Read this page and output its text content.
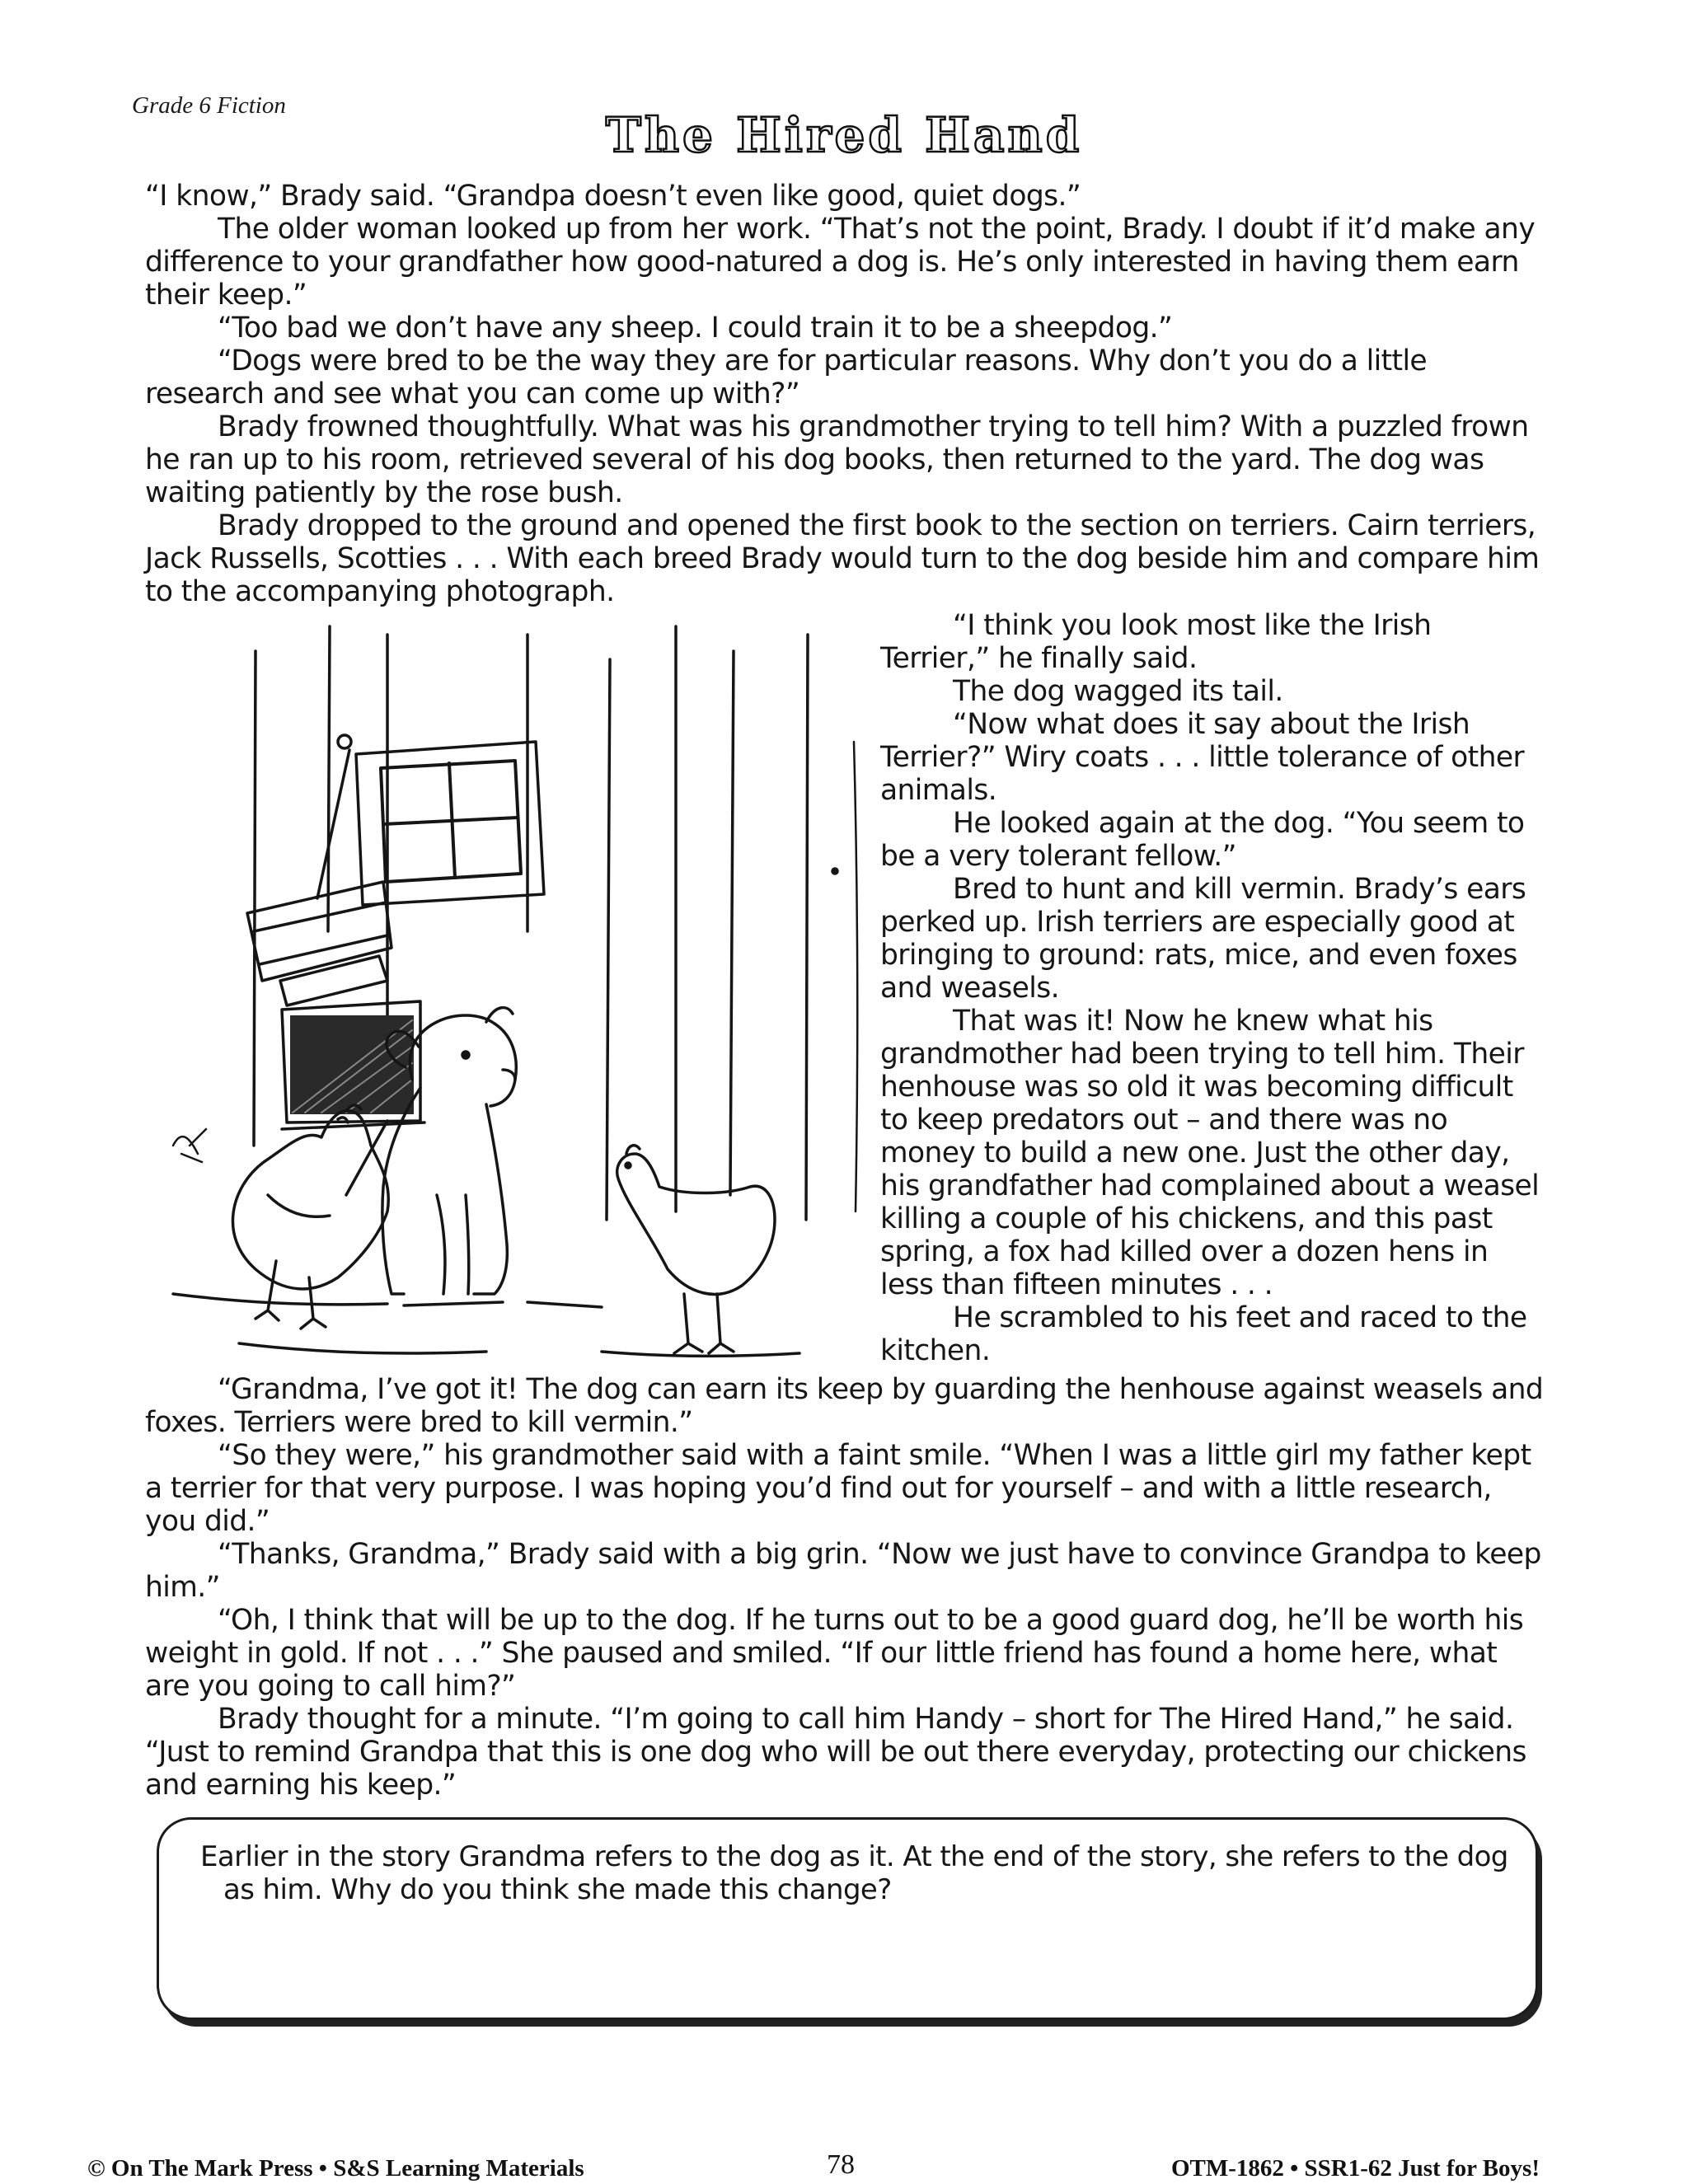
Grade 6 Fiction
The Hired Hand

“I know,” Brady said. “Grandpa doesn’t even like good, quiet dogs.”

The older woman looked up from her work. “That’s not the point, Brady. I doubt if it’d make any difference to your grandfather how good-natured a dog is. He’s only interested in having them earn their keep.”

“Too bad we don’t have any sheep. I could train it to be a sheepdog.”

“Dogs were bred to be the way they are for particular reasons. Why don’t you do a little research and see what you can come up with?”

Brady frowned thoughtfully. What was his grandmother trying to tell him? With a puzzled frown he ran up to his room, retrieved several of his dog books, then returned to the yard. The dog was waiting patiently by the rose bush.

Brady dropped to the ground and opened the first book to the section on terriers. Cairn terriers, Jack Russells, Scotties . . . With each breed Brady would turn to the dog beside him and compare him to the accompanying photograph.

“I think you look most like the Irish Terrier,” he finally said.

The dog wagged its tail.

“Now what does it say about the Irish Terrier?” Wiry coats . . . little tolerance of other animals.

He looked again at the dog. “You seem to be a very tolerant fellow.”

Bred to hunt and kill vermin. Brady’s ears perked up. Irish terriers are especially good at bringing to ground: rats, mice, and even foxes and weasels.

That was it! Now he knew what his grandmother had been trying to tell him. Their henhouse was so old it was becoming difficult to keep predators out – and there was no money to build a new one. Just the other day, his grandfather had complained about a weasel killing a couple of his chickens, and this past spring, a fox had killed over a dozen hens in less than fifteen minutes . . .

He scrambled to his feet and raced to the kitchen.

“Grandma, I’ve got it! The dog can earn its keep by guarding the henhouse against weasels and foxes. Terriers were bred to kill vermin.”

“So they were,” his grandmother said with a faint smile. “When I was a little girl my father kept a terrier for that very purpose. I was hoping you’d find out for yourself – and with a little research, you did.”

“Thanks, Grandma,” Brady said with a big grin. “Now we just have to convince Grandpa to keep him.”

“Oh, I think that will be up to the dog. If he turns out to be a good guard dog, he’ll be worth his weight in gold. If not . . .” She paused and smiled. “If our little friend has found a home here, what are you going to call him?”

Brady thought for a minute. “I’m going to call him Handy – short for The Hired Hand,” he said. “Just to remind Grandpa that this is one dog who will be out there everyday, protecting our chickens and earning his keep.”

Earlier in the story Grandma refers to the dog as it. At the end of the story, she refers to the dog as him. Why do you think she made this change?
© On The Mark Press • S&S Learning Materials	78	OTM-1862 • SSR1-62 Just for Boys!
